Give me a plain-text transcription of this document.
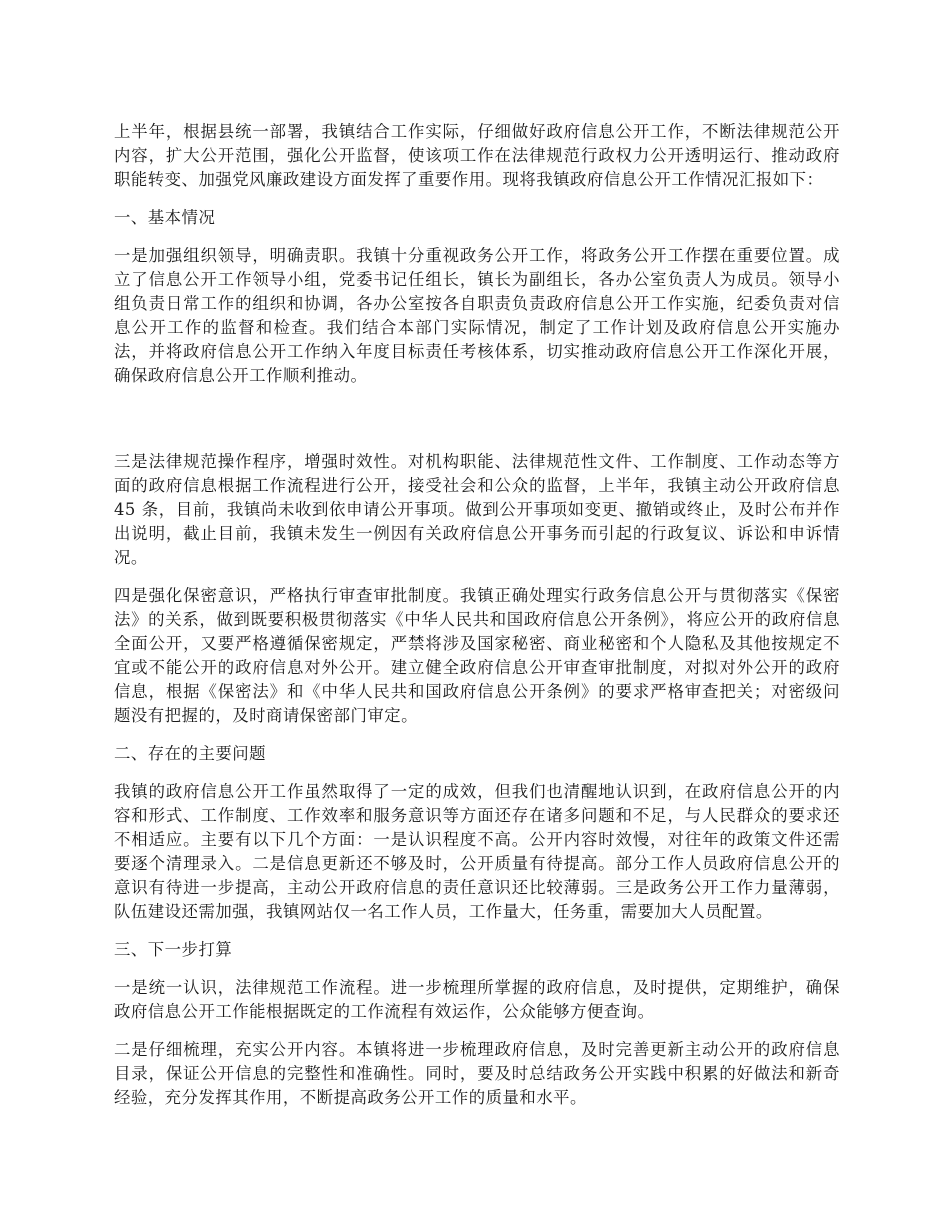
上半年，根据县统一部署，我镇结合工作实际，仔细做好政府信息公开工作，不断法律规范公开内容，扩大公开范围，强化公开监督，使该项工作在法律规范行政权力公开透明运行、推动政府职能转变、加强党风廉政建设方面发挥了重要作用。现将我镇政府信息公开工作情况汇报如下：

一、基本情况

一是加强组织领导，明确责职。我镇十分重视政务公开工作，将政务公开工作摆在重要位置。成立了信息公开工作领导小组，党委书记任组长，镇长为副组长，各办公室负责人为成员。领导小组负责日常工作的组织和协调，各办公室按各自职责负责政府信息公开工作实施，纪委负责对信息公开工作的监督和检查。我们结合本部门实际情况，制定了工作计划及政府信息公开实施办法，并将政府信息公开工作纳入年度目标责任考核体系，切实推动政府信息公开工作深化开展，确保政府信息公开工作顺利推动。

三是法律规范操作程序，增强时效性。对机构职能、法律规范性文件、工作制度、工作动态等方面的政府信息根据工作流程进行公开，接受社会和公众的监督，上半年，我镇主动公开政府信息 45 条，目前，我镇尚未收到依申请公开事项。做到公开事项如变更、撤销或终止，及时公布并作出说明，截止目前，我镇未发生一例因有关政府信息公开事务而引起的行政复议、诉讼和申诉情况。

四是强化保密意识，严格执行审查审批制度。我镇正确处理实行政务信息公开与贯彻落实《保密法》的关系，做到既要积极贯彻落实《中华人民共和国政府信息公开条例》，将应公开的政府信息全面公开，又要严格遵循保密规定，严禁将涉及国家秘密、商业秘密和个人隐私及其他按规定不宜或不能公开的政府信息对外公开。建立健全政府信息公开审查审批制度，对拟对外公开的政府信息，根据《保密法》和《中华人民共和国政府信息公开条例》的要求严格审查把关；对密级问题没有把握的，及时商请保密部门审定。

二、存在的主要问题

我镇的政府信息公开工作虽然取得了一定的成效，但我们也清醒地认识到，在政府信息公开的内容和形式、工作制度、工作效率和服务意识等方面还存在诸多问题和不足，与人民群众的要求还不相适应。主要有以下几个方面：一是认识程度不高。公开内容时效慢，对往年的政策文件还需要逐个清理录入。二是信息更新还不够及时，公开质量有待提高。部分工作人员政府信息公开的意识有待进一步提高，主动公开政府信息的责任意识还比较薄弱。三是政务公开工作力量薄弱，队伍建设还需加强，我镇网站仅一名工作人员，工作量大，任务重，需要加大人员配置。

三、下一步打算

一是统一认识，法律规范工作流程。进一步梳理所掌握的政府信息，及时提供，定期维护，确保政府信息公开工作能根据既定的工作流程有效运作，公众能够方便查询。

二是仔细梳理，充实公开内容。本镇将进一步梳理政府信息，及时完善更新主动公开的政府信息目录，保证公开信息的完整性和准确性。同时，要及时总结政务公开实践中积累的好做法和新奇经验，充分发挥其作用，不断提高政务公开工作的质量和水平。
